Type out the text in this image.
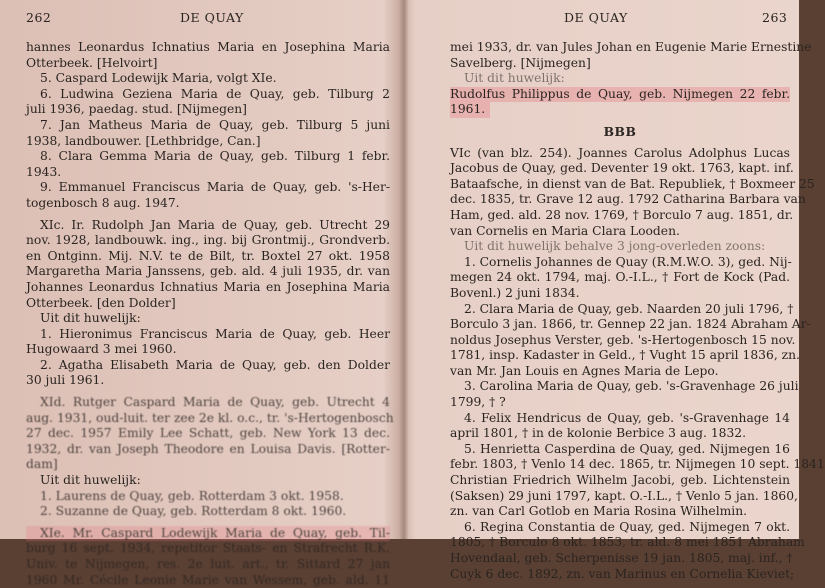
262	DE QUAY
hannes Leonardus Ichnatius Maria en Josephina Maria
Otterbeek. [Helvoirt]
5. Caspard Lodewijk Maria, volgt XIe.
6. Ludwina Geziena Maria de Quay, geb. Tilburg 2
juli 1936, paedag. stud. [Nijmegen]
7. Jan Matheus Maria de Quay, geb. Tilburg 5 juni
1938, landbouwer. [Lethbridge, Can.]
8. Clara Gemma Maria de Quay, geb. Tilburg 1 febr.
1943.
9. Emmanuel Franciscus Maria de Quay, geb. 's-Her-
togenbosch 8 aug. 1947.
XIc. Ir. Rudolph Jan Maria de Quay, geb. Utrecht 29
nov. 1928, landbouwk. ing., ing. bij Grontmij., Grondverb.
en Ontginn. Mij. N.V. te de Bilt, tr. Boxtel 27 okt. 1958
Margaretha Maria Janssens, geb. ald. 4 juli 1935, dr. van
Johannes Leonardus Ichnatius Maria en Josephina Maria
Otterbeek. [den Dolder]
Uit dit huwelijk:
1. Hieronimus Franciscus Maria de Quay, geb. Heer
Hugowaard 3 mei 1960.
2. Agatha Elisabeth Maria de Quay, geb. den Dolder
30 juli 1961.
XId. Rutger Caspard Maria de Quay, geb. Utrecht 4
aug. 1931, oud-luit. ter zee 2e kl. o.c., tr. 's-Hertogenbosch
27 dec. 1957 Emily Lee Schatt, geb. New York 13 dec.
1932, dr. van Joseph Theodore en Louisa Davis. [Rotter-
dam]
Uit dit huwelijk:
1. Laurens de Quay, geb. Rotterdam 3 okt. 1958.
2. Suzanne de Quay, geb. Rotterdam 8 okt. 1960.
XIe. Mr. Caspard Lodewijk Maria de Quay, geb. Til-
burg 16 sept. 1934, repetitor Staats- en Strafrecht R.K.
Univ. te Nijmegen, res. 2e luit. art., tr. Sittard 27 jan
1960 Mr. Cécile Leonie Marie van Wessem, geb. ald. 11
DE QUAY	263
mei 1933, dr. van Jules Johan en Eugenie Marie Ernestine
Savelberg. [Nijmegen]
Uit dit huwelijk:
Rudolfus Philippus de Quay, geb. Nijmegen 22 febr.
1961.
BBB
VIc (van blz. 254). Joannes Carolus Adolphus Lucas
Jacobus de Quay, ged. Deventer 19 okt. 1763, kapt. inf.
Bataafsche, in dienst van de Bat. Republiek, † Boxmeer 25
dec. 1835, tr. Grave 12 aug. 1792 Catharina Barbara van
Ham, ged. ald. 28 nov. 1769, † Borculo 7 aug. 1851, dr.
van Cornelis en Maria Clara Looden.
Uit dit huwelijk behalve 3 jong-overleden zoons:
1. Cornelis Johannes de Quay (R.M.W.O. 3), ged. Nij-
megen 24 okt. 1794, maj. O.-I.L., † Fort de Kock (Pad.
Bovenl.) 2 juni 1834.
2. Clara Maria de Quay, geb. Naarden 20 juli 1796, †
Borculo 3 jan. 1866, tr. Gennep 22 jan. 1824 Abraham Ar-
noldus Josephus Verster, geb. 's-Hertogenbosch 15 nov.
1781, insp. Kadaster in Geld., † Vught 15 april 1836, zn.
van Mr. Jan Louis en Agnes Maria de Lepo.
3. Carolina Maria de Quay, geb. 's-Gravenhage 26 juli
1799, † ?
4. Felix Hendricus de Quay, geb. 's-Gravenhage 14
april 1801, † in de kolonie Berbice 3 aug. 1832.
5. Henrietta Casperdina de Quay, ged. Nijmegen 16
febr. 1803, † Venlo 14 dec. 1865, tr. Nijmegen 10 sept. 1841
Christian Friedrich Wilhelm Jacobi, geb. Lichtenstein
(Saksen) 29 juni 1797, kapt. O.-I.L., † Venlo 5 jan. 1860,
zn. van Carl Gotlob en Maria Rosina Wilhelmin.
6. Regina Constantia de Quay, ged. Nijmegen 7 okt.
1805, † Borculo 8 okt. 1853, tr. ald. 8 mei 1851 Abraham
Hovendaal, geb. Scherpenisse 19 jan. 1805, maj. inf., †
Cuyk 6 dec. 1892, zn. van Marinus en Cornelia Kieviet;
